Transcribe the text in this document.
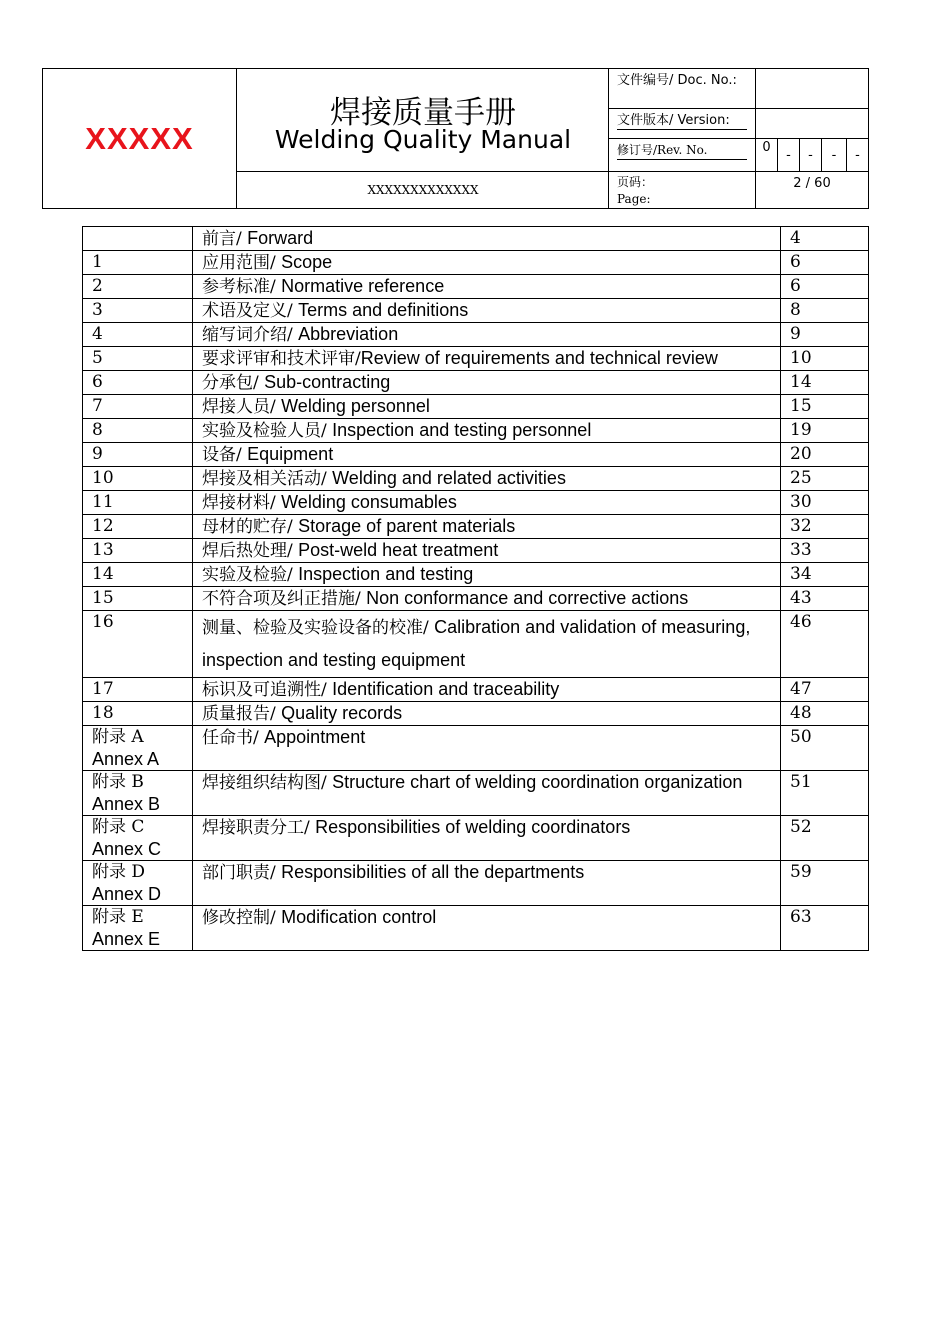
XXXXX
焊接质量手册
Welding Quality Manual
XXXXXXXXXXXXX
文件编号/ Doc. No.:
文件版本/ Version:
修订号/Rev. No.	0
- - - -
页码：
Page:
2 / 60
	前言/ Forward	4
1	应用范围/ Scope	6
2	参考标准/ Normative reference	6
3	术语及定义/ Terms and definitions	8
4	缩写词介绍/ Abbreviation	9
5	要求评审和技术评审/Review of requirements and technical review	10
6	分承包/ Sub-contracting	14
7	焊接人员/ Welding personnel	15
8	实验及检验人员/ Inspection and testing personnel	19
9	设备/ Equipment	20
10	焊接及相关活动/ Welding and related activities	25
11	焊接材料/ Welding consumables	30
12	母材的贮存/ Storage of parent materials	32
13	焊后热处理/ Post-weld heat treatment	33
14	实验及检验/ Inspection and testing	34
15	不符合项及纠正措施/ Non conformance and corrective actions	43
16	测量、检验及实验设备的校准/ Calibration and validation of measuring, inspection and testing equipment	46
17	标识及可追溯性/ Identification and traceability	47
18	质量报告/ Quality records	48
附录 A
Annex A	任命书/ Appointment	50
附录 B
Annex B	焊接组织结构图/ Structure chart of welding coordination organization	51
附录 C
Annex C	焊接职责分工/ Responsibilities of welding coordinators	52
附录 D
Annex D	部门职责/ Responsibilities of all the departments	59
附录 E
Annex E	修改控制/ Modification control	63
